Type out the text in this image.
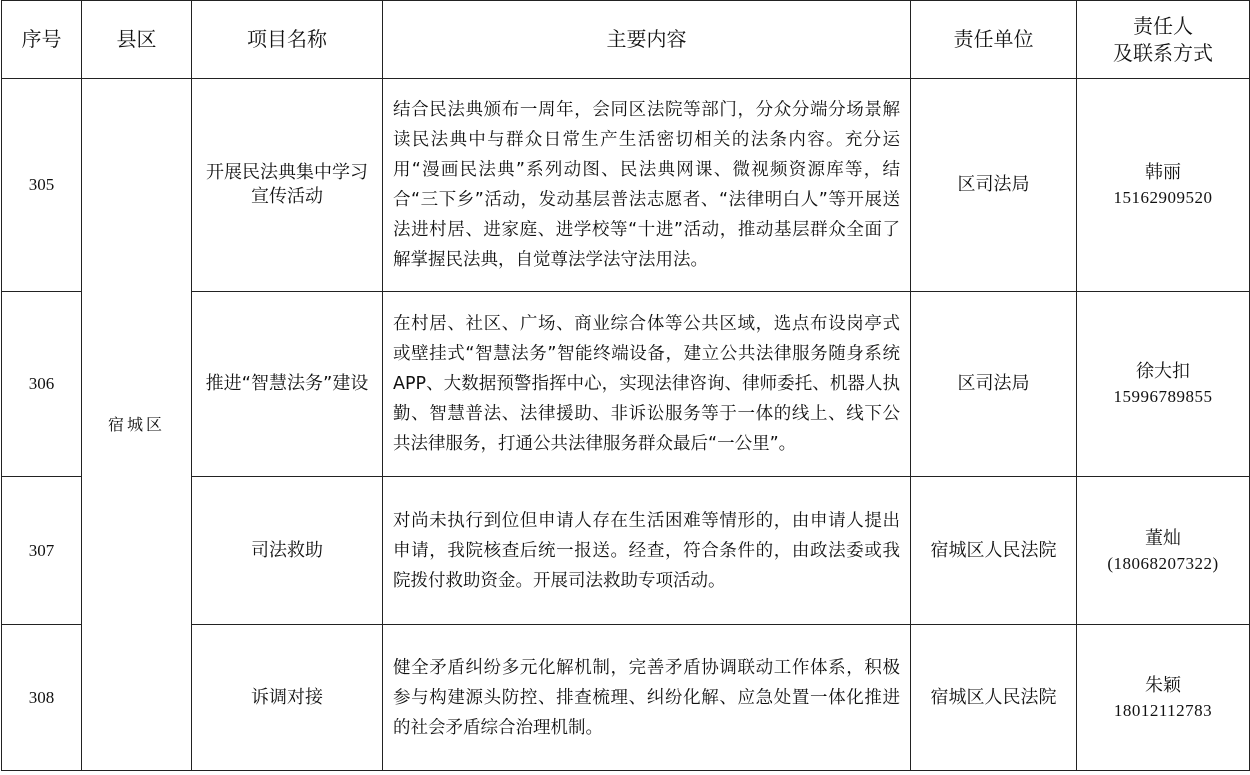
序号	县区	项目名称	主要内容	责任单位	责任人
及联系方式

305	宿城区	开展民法典集中学习宣传活动	结合民法典颁布一周年，会同区法院等部门，分众分端分场景解读民法典中与群众日常生产生活密切相关的法条内容。充分运用“漫画民法典”系列动图、民法典网课、微视频资源库等，结合“三下乡”活动，发动基层普法志愿者、“法律明白人”等开展送法进村居、进家庭、进学校等“十进”活动，推动基层群众全面了解掌握民法典，自觉尊法学法守法用法。	区司法局	韩丽
15162909520

306		推进“智慧法务”建设	在村居、社区、广场、商业综合体等公共区域，选点布设岗亭式或壁挂式“智慧法务”智能终端设备，建立公共法律服务随身系统 APP、大数据预警指挥中心，实现法律咨询、律师委托、机器人执勤、智慧普法、法律援助、非诉讼服务等于一体的线上、线下公共法律服务，打通公共法律服务群众最后“一公里”。	区司法局	徐大扣
15996789855

307		司法救助	对尚未执行到位但申请人存在生活困难等情形的，由申请人提出申请，我院核查后统一报送。经查，符合条件的，由政法委或我院拨付救助资金。开展司法救助专项活动。	宿城区人民法院	董灿
(18068207322)

308		诉调对接	健全矛盾纠纷多元化解机制，完善矛盾协调联动工作体系，积极参与构建源头防控、排查梳理、纠纷化解、应急处置一体化推进的社会矛盾综合治理机制。	宿城区人民法院	朱颖
18012112783
